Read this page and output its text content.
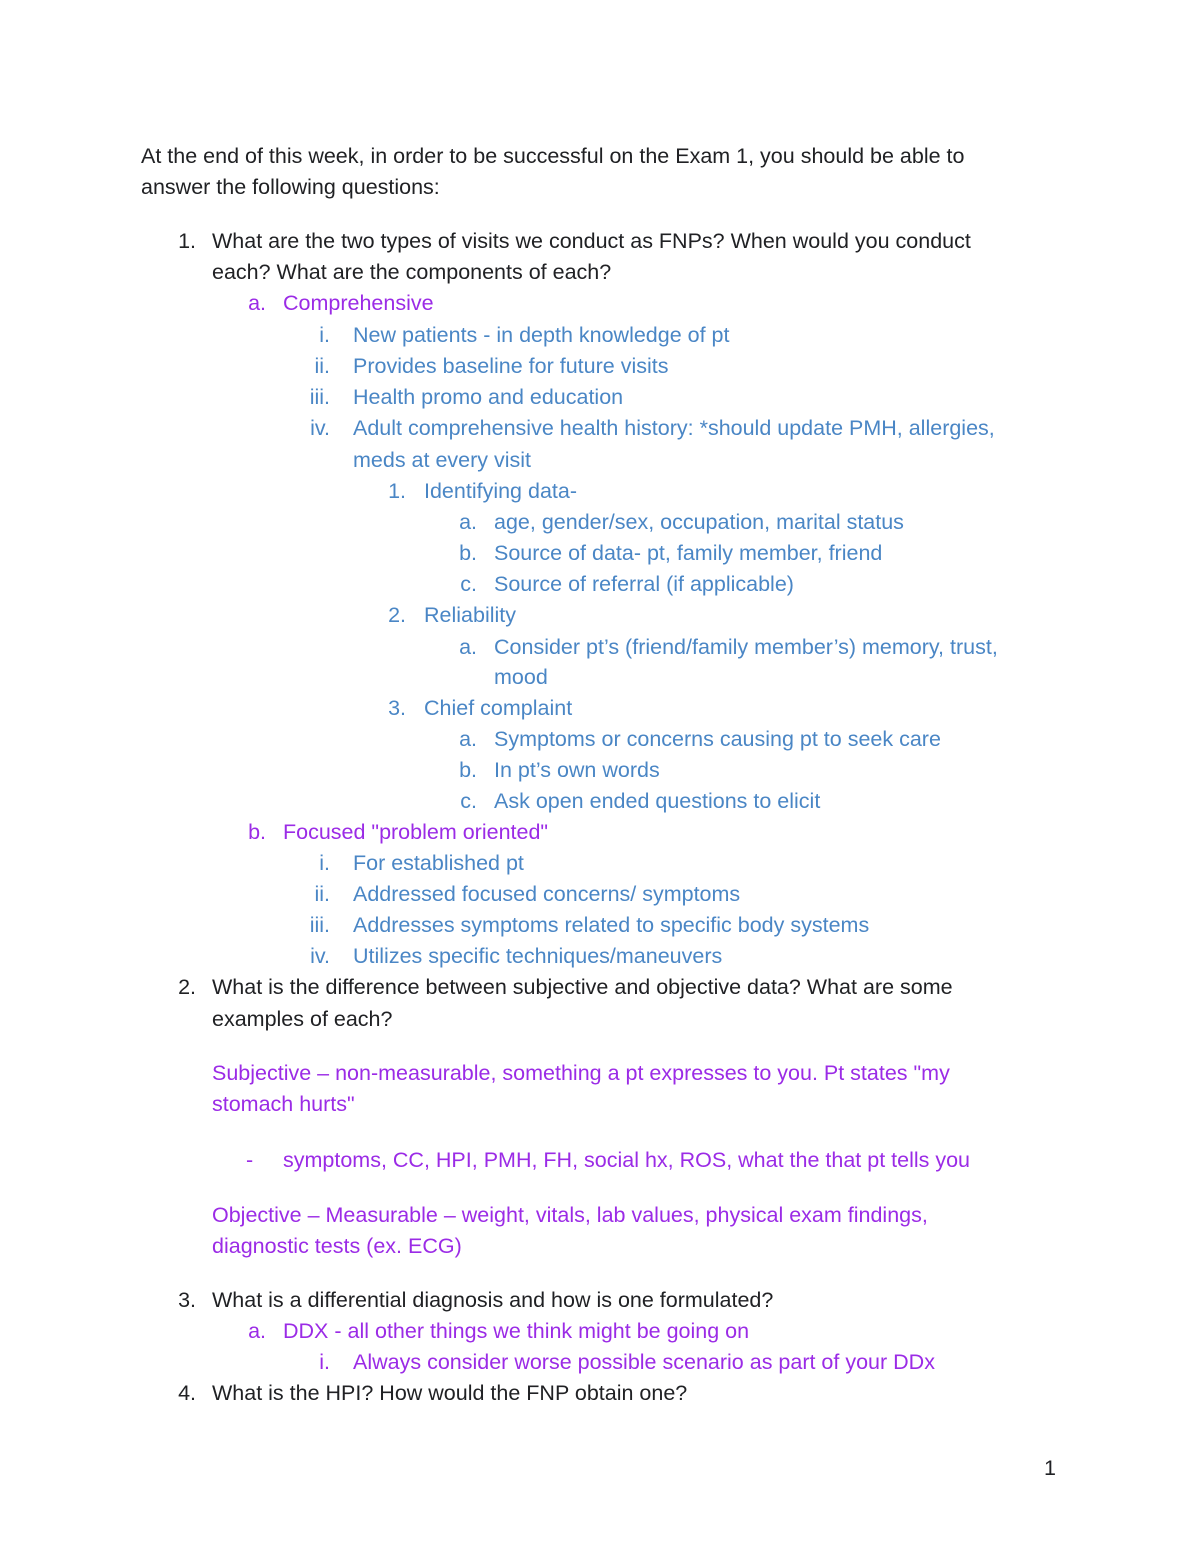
At the end of this week, in order to be successful on the Exam 1, you should be able to
answer the following questions:
1. What are the two types of visits we conduct as FNPs? When would you conduct
each? What are the components of each?
a. Comprehensive
i. New patients - in depth knowledge of pt
ii. Provides baseline for future visits
iii. Health promo and education
iv. Adult comprehensive health history: *should update PMH, allergies,
meds at every visit
1. Identifying data-
a. age, gender/sex, occupation, marital status
b. Source of data- pt, family member, friend
c. Source of referral (if applicable)
2. Reliability
a. Consider pt’s (friend/family member’s) memory, trust,
mood
3. Chief complaint
a. Symptoms or concerns causing pt to seek care
b. In pt’s own words
c. Ask open ended questions to elicit
b. Focused "problem oriented"
i. For established pt
ii. Addressed focused concerns/ symptoms
iii. Addresses symptoms related to specific body systems
iv. Utilizes specific techniques/maneuvers
2. What is the difference between subjective and objective data? What are some
examples of each?
Subjective – non-measurable, something a pt expresses to you. Pt states "my
stomach hurts"
- symptoms, CC, HPI, PMH, FH, social hx, ROS, what the that pt tells you
Objective – Measurable – weight, vitals, lab values, physical exam findings,
diagnostic tests (ex. ECG)
3. What is a differential diagnosis and how is one formulated?
a. DDX - all other things we think might be going on
i. Always consider worse possible scenario as part of your DDx
4. What is the HPI? How would the FNP obtain one?
1
